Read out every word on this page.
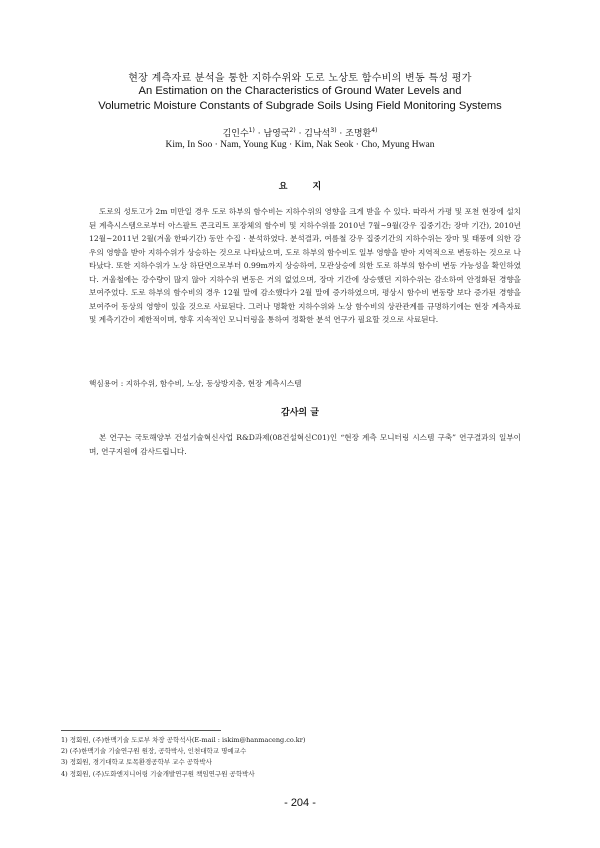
현장 계측자료 분석을 통한 지하수위와 도로 노상토 함수비의 변동 특성 평가
An Estimation on the Characteristics of Ground Water Levels and
Volumetric Moisture Constants of Subgrade Soils Using Field Monitoring Systems
김인수$^{1)}$ · 남영국$^{2)}$ · 김낙석$^{3)}$ · 조명환$^{4)}$
Kim, In Soo · Nam, Young Kug · Kim, Nak Seok · Cho, Myung Hwan
요 지

도로의 성토고가 2m 미만일 경우 도로 하부의 함수비는 지하수위의 영향을 크게 받을 수 있다. 따라서 가평 및 포천 현장에 설치된 계측시스템으로부터 아스팔트 콘크리트 포장체의 함수비 및 지하수위를 2010년 7월~9월(강우 집중기간; 장마 기간), 2010년 12월~2011년 2월(겨울 한파기간) 동안 수집 · 분석하였다. 분석결과, 여름철 강우 집중기간의 지하수위는 장마 및 태풍에 의한 강우의 영향을 받아 지하수위가 상승하는 것으로 나타났으며, 도로 하부의 함수비도 일부 영향을 받아 지역적으로 변동하는 것으로 나타났다. 또한 지하수위가 노상 하단면으로부터 0.99m까지 상승하여, 모관상승에 의한 도로 하부의 함수비 변동 가능성을 확인하였다. 겨울철에는 강수량이 많지 않아 지하수위 변동은 거의 없었으며, 장마 기간에 상승했던 지하수위는 감소하여 안정화된 경향을 보여주었다. 도로 하부의 함수비의 경우 12월 말에 감소했다가 2월 말에 증가하였으며, 평상시 함수비 변동량 보다 증가된 경향을 보여주어 동상의 영향이 있을 것으로 사료된다. 그러나 명확한 지하수위와 노상 함수비의 상관관계를 규명하기에는 현장 계측자료 및 계측기간이 제한적이며, 향후 지속적인 모니터링을 통하여 정확한 분석 연구가 필요할 것으로 사료된다.

핵심용어 : 지하수위, 함수비, 노상, 동상방지층, 현장 계측시스템
감사의 글

본 연구는 국토해양부 건설기술혁신사업 R&D과제(08건설혁신C01)인 “현장 계측 모니터링 시스템 구축” 연구결과의 일부이며, 연구지원에 감사드립니다.

1) 정회원, (주)한맥기술 도로부 차장 공학석사(E-mail : iskim@hanmaceng.co.kr)
2) (주)한맥기술 기술연구원 원장, 공학박사, 인천대학교 명예교수
3) 정회원, 경기대학교 토목환경공학부 교수 공학박사
4) 정회원, (주)도화엔지니어링 기술개발연구원 책임연구원 공학박사
- 204 -
